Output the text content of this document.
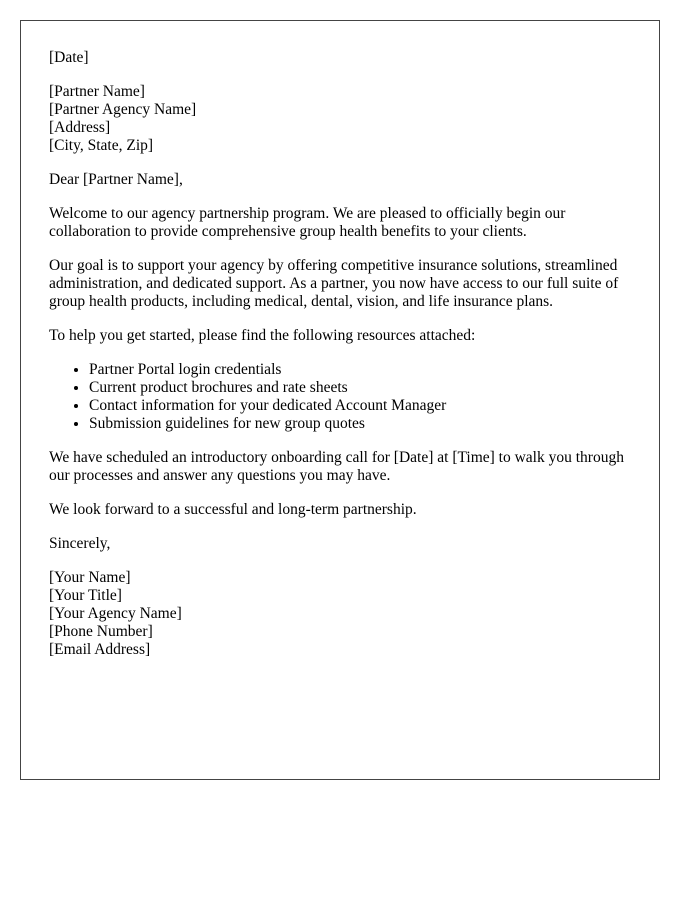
[Date]
[Partner Name]
[Partner Agency Name]
[Address]
[City, State, Zip]

Dear [Partner Name],

Welcome to our agency partnership program. We are pleased to officially begin our collaboration to provide comprehensive group health benefits to your clients.

Our goal is to support your agency by offering competitive insurance solutions, streamlined administration, and dedicated support. As a partner, you now have access to our full suite of group health products, including medical, dental, vision, and life insurance plans.

To help you get started, please find the following resources attached:

• Partner Portal login credentials
• Current product brochures and rate sheets
• Contact information for your dedicated Account Manager
• Submission guidelines for new group quotes

We have scheduled an introductory onboarding call for [Date] at [Time] to walk you through our processes and answer any questions you may have.

We look forward to a successful and long-term partnership.

Sincerely,

[Your Name]
[Your Title]
[Your Agency Name]
[Phone Number]
[Email Address]
